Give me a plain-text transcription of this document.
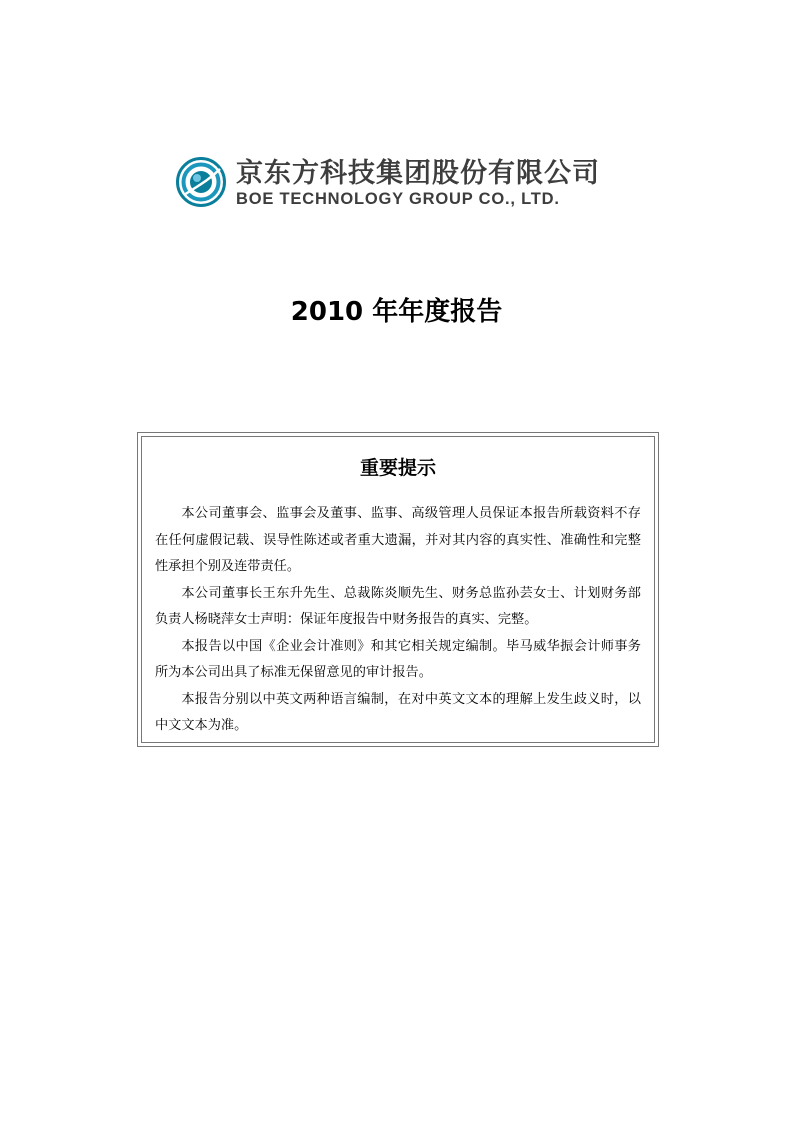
京东方科技集团股份有限公司
BOE TECHNOLOGY GROUP CO., LTD.
2010 年年度报告
重要提示

本公司董事会、监事会及董事、监事、高级管理人员保证本报告所载资料不存在任何虚假记载、误导性陈述或者重大遗漏，并对其内容的真实性、准确性和完整性承担个别及连带责任。

本公司董事长王东升先生、总裁陈炎顺先生、财务总监孙芸女士、计划财务部负责人杨晓萍女士声明：保证年度报告中财务报告的真实、完整。

本报告以中国《企业会计准则》和其它相关规定编制。毕马威华振会计师事务所为本公司出具了标准无保留意见的审计报告。

本报告分别以中英文两种语言编制，在对中英文文本的理解上发生歧义时，以中文文本为准。
